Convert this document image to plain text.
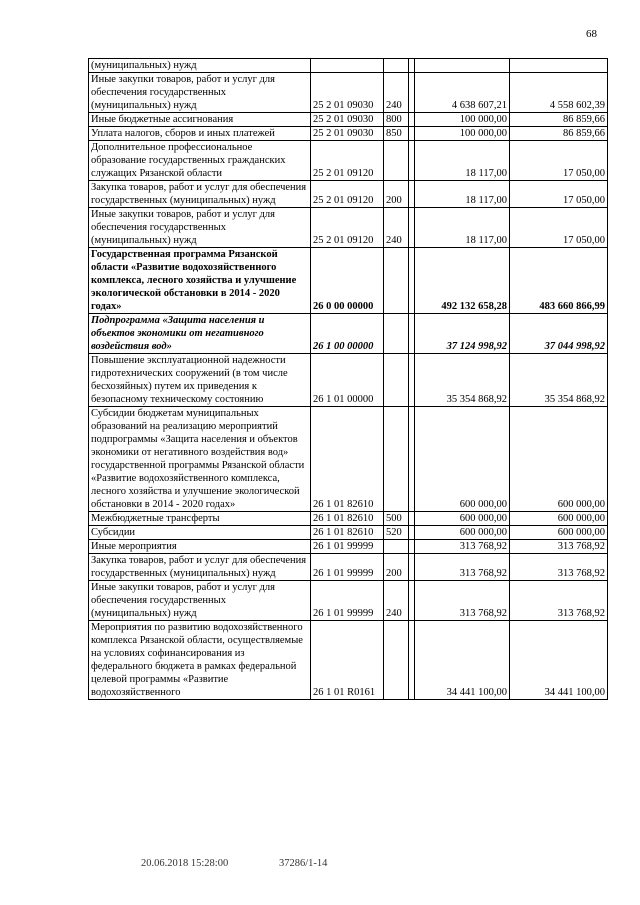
68
(муниципальных) нужд					
Иные закупки товаров, работ и услуг для обеспечения государственных (муниципальных) нужд	25 2 01 09030	240		4 638 607,21	4 558 602,39
Иные бюджетные ассигнования	25 2 01 09030	800		100 000,00	86 859,66
Уплата налогов, сборов и иных платежей	25 2 01 09030	850		100 000,00	86 859,66
Дополнительное профессиональное образование государственных гражданских служащих Рязанской области	25 2 01 09120			18 117,00	17 050,00
Закупка товаров, работ и услуг для обеспечения государственных (муниципальных) нужд	25 2 01 09120	200		18 117,00	17 050,00
Иные закупки товаров, работ и услуг для обеспечения государственных (муниципальных) нужд	25 2 01 09120	240		18 117,00	17 050,00
Государственная программа Рязанской области «Развитие водохозяйственного комплекса, лесного хозяйства и улучшение экологической обстановки в 2014 - 2020 годах»	26 0 00 00000			492 132 658,28	483 660 866,99
Подпрограмма «Защита населения и объектов экономики от негативного воздействия вод»	26 1 00 00000			37 124 998,92	37 044 998,92
Повышение эксплуатационной надежности гидротехнических сооружений (в том числе бесхозяйных) путем их приведения к безопасному техническому состоянию	26 1 01 00000			35 354 868,92	35 354 868,92
Субсидии бюджетам муниципальных образований на реализацию мероприятий подпрограммы «Защита населения и объектов экономики от негативного воздействия вод» государственной программы Рязанской области «Развитие водохозяйственного комплекса, лесного хозяйства и улучшение экологической обстановки в 2014 - 2020 годах»	26 1 01 82610			600 000,00	600 000,00
Межбюджетные трансферты	26 1 01 82610	500		600 000,00	600 000,00
Субсидии	26 1 01 82610	520		600 000,00	600 000,00
Иные мероприятия	26 1 01 99999			313 768,92	313 768,92
Закупка товаров, работ и услуг для обеспечения государственных (муниципальных) нужд	26 1 01 99999	200		313 768,92	313 768,92
Иные закупки товаров, работ и услуг для обеспечения государственных (муниципальных) нужд	26 1 01 99999	240		313 768,92	313 768,92
Мероприятия по развитию водохозяйственного комплекса Рязанской области, осуществляемые на условиях софинансирования из федерального бюджета в рамках федеральной целевой программы «Развитие водохозяйственного	26 1 01 R0161			34 441 100,00	34 441 100,00
20.06.2018 15:28:00	37286/1-14
